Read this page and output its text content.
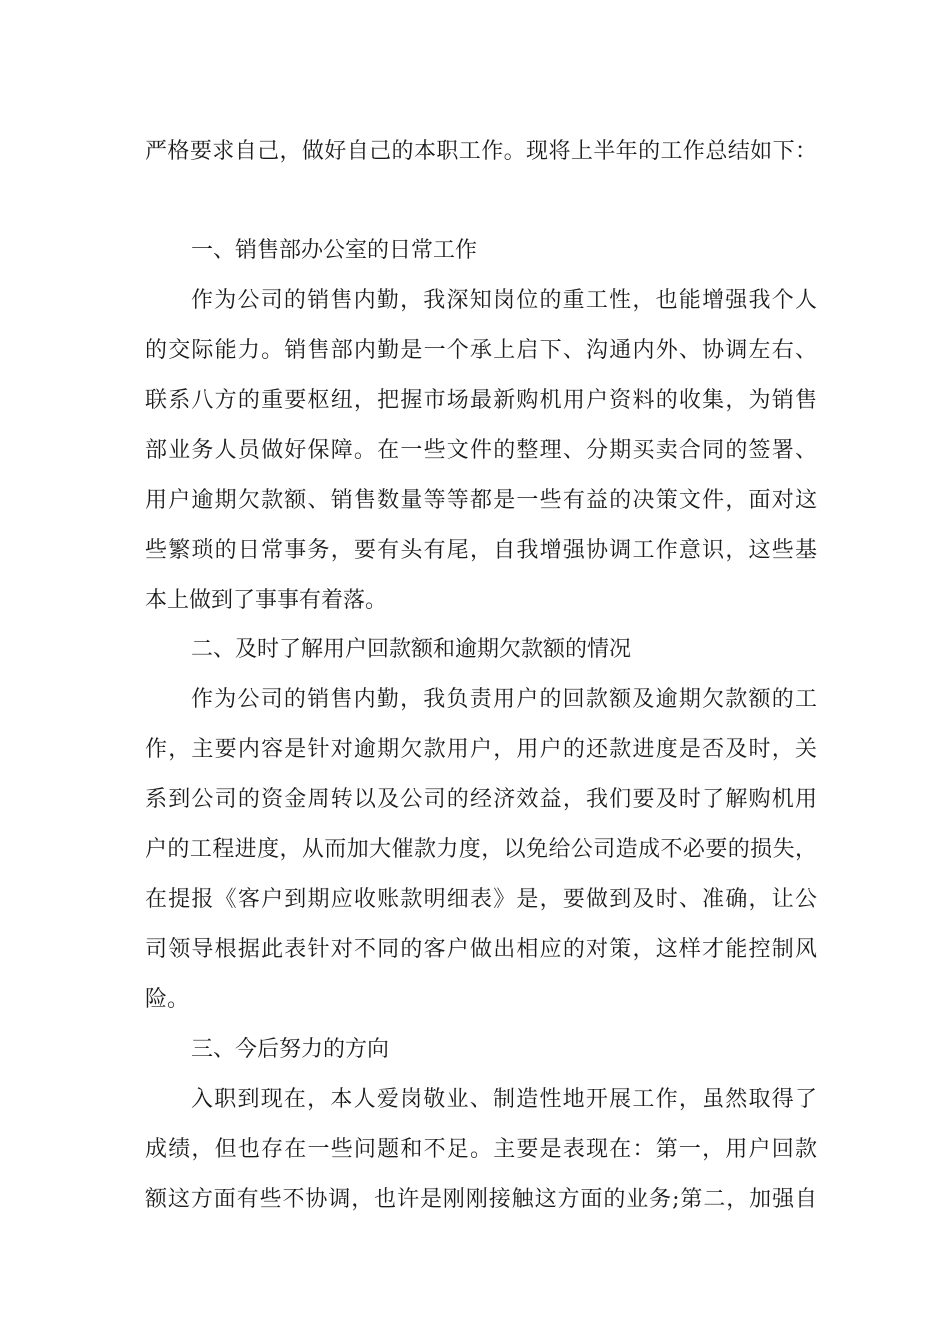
严格要求自己，做好自己的本职工作。现将上半年的工作总结如下：
一、销售部办公室的日常工作
作为公司的销售内勤，我深知岗位的重工性，也能增强我个人
的交际能力。销售部内勤是一个承上启下、沟通内外、协调左右、
联系八方的重要枢纽，把握市场最新购机用户资料的收集，为销售
部业务人员做好保障。在一些文件的整理、分期买卖合同的签署、
用户逾期欠款额、销售数量等等都是一些有益的决策文件，面对这
些繁琐的日常事务，要有头有尾，自我增强协调工作意识，这些基
本上做到了事事有着落。
二、及时了解用户回款额和逾期欠款额的情况
作为公司的销售内勤，我负责用户的回款额及逾期欠款额的工
作，主要内容是针对逾期欠款用户，用户的还款进度是否及时，关
系到公司的资金周转以及公司的经济效益，我们要及时了解购机用
户的工程进度，从而加大催款力度，以免给公司造成不必要的损失，
在提报《客户到期应收账款明细表》是，要做到及时、准确，让公
司领导根据此表针对不同的客户做出相应的对策，这样才能控制风
险。
三、今后努力的方向
入职到现在，本人爱岗敬业、制造性地开展工作，虽然取得了
成绩，但也存在一些问题和不足。主要是表现在：第一，用户回款
额这方面有些不协调，也许是刚刚接触这方面的业务;第二，加强自
